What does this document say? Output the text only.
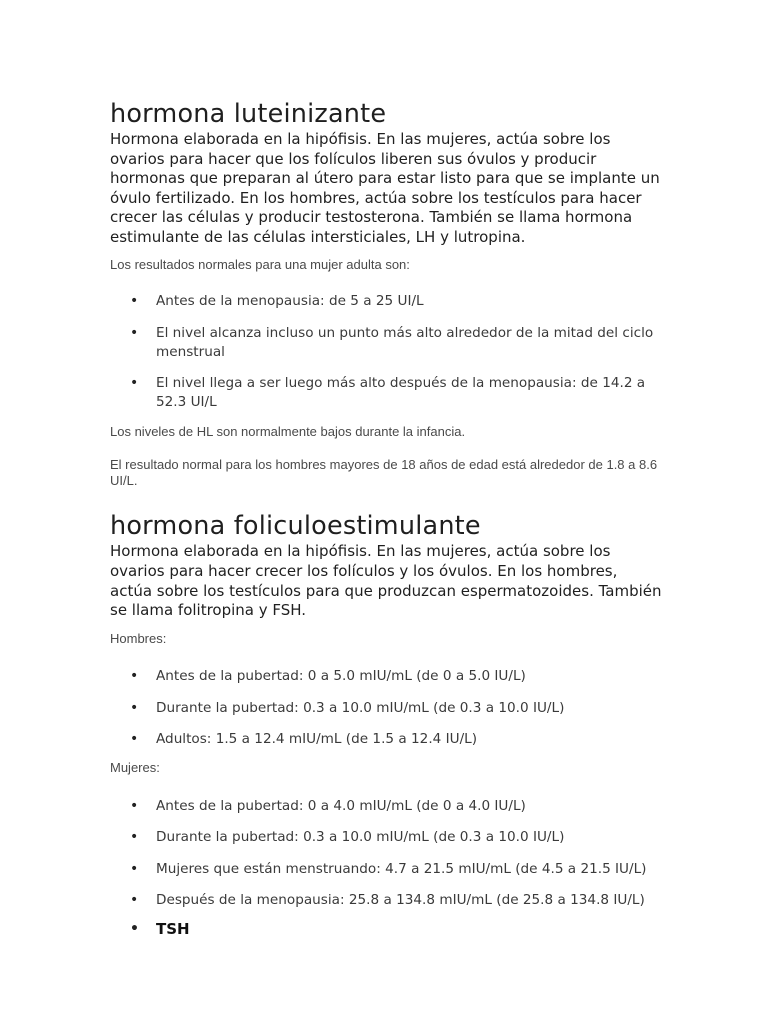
hormona luteinizante

Hormona elaborada en la hipófisis. En las mujeres, actúa sobre los ovarios para hacer que los folículos liberen sus óvulos y producir hormonas que preparan al útero para estar listo para que se implante un óvulo fertilizado. En los hombres, actúa sobre los testículos para hacer crecer las células y producir testosterona. También se llama hormona estimulante de las células intersticiales, LH y lutropina.

Los resultados normales para una mujer adulta son:

• Antes de la menopausia: de 5 a 25 UI/L
• El nivel alcanza incluso un punto más alto alrededor de la mitad del ciclo menstrual
• El nivel llega a ser luego más alto después de la menopausia: de 14.2 a 52.3 UI/L

Los niveles de HL son normalmente bajos durante la infancia.

El resultado normal para los hombres mayores de 18 años de edad está alrededor de 1.8 a 8.6 UI/L.

hormona foliculoestimulante

Hormona elaborada en la hipófisis. En las mujeres, actúa sobre los ovarios para hacer crecer los folículos y los óvulos. En los hombres, actúa sobre los testículos para que produzcan espermatozoides. También se llama folitropina y FSH.

Hombres:

• Antes de la pubertad: 0 a 5.0 mIU/mL (de 0 a 5.0 IU/L)
• Durante la pubertad: 0.3 a 10.0 mIU/mL (de 0.3 a 10.0 IU/L)
• Adultos: 1.5 a 12.4 mIU/mL (de 1.5 a 12.4 IU/L)

Mujeres:

• Antes de la pubertad: 0 a 4.0 mIU/mL (de 0 a 4.0 IU/L)
• Durante la pubertad: 0.3 a 10.0 mIU/mL (de 0.3 a 10.0 IU/L)
• Mujeres que están menstruando: 4.7 a 21.5 mIU/mL (de 4.5 a 21.5 IU/L)
• Después de la menopausia: 25.8 a 134.8 mIU/mL (de 25.8 a 134.8 IU/L)
• TSH
